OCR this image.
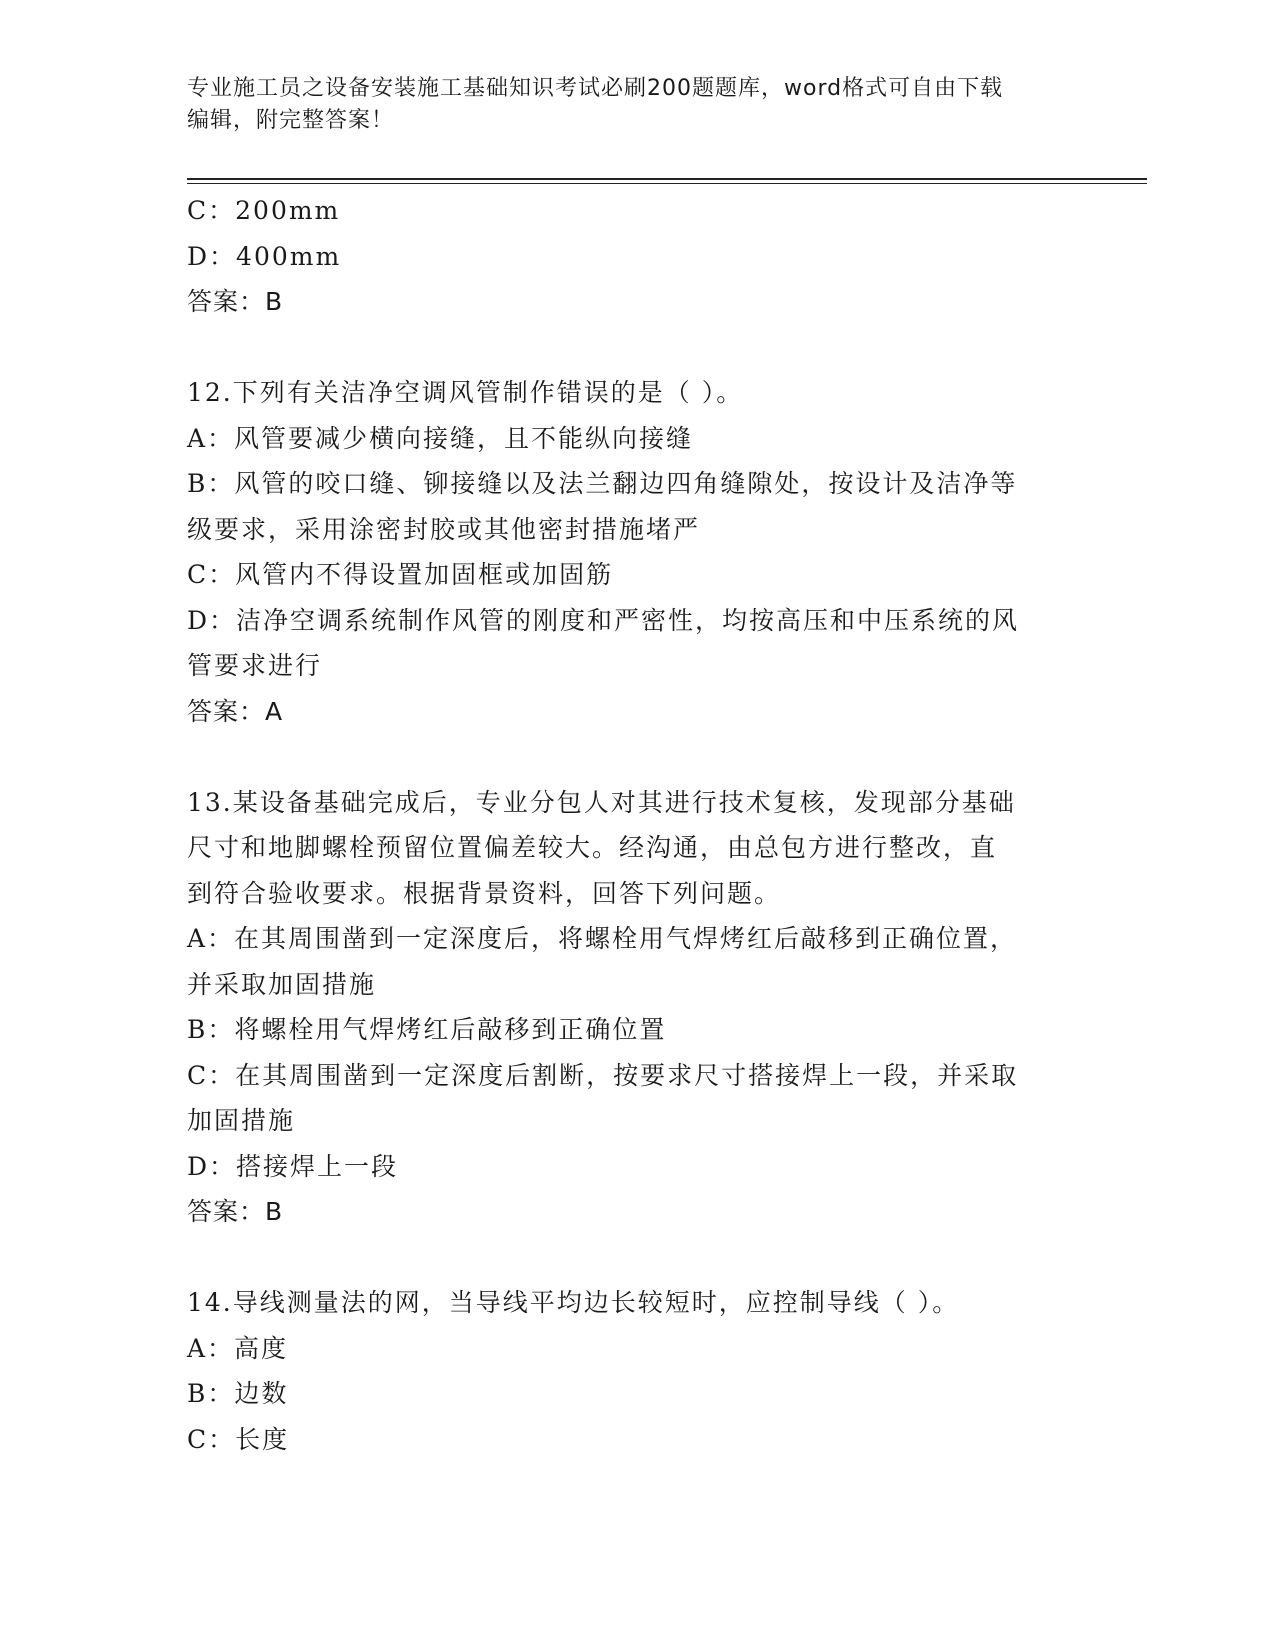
专业施工员之设备安装施工基础知识考试必刷200题题库，word格式可自由下载
编辑，附完整答案！
C：200mm
D：400mm
答案：B
12.下列有关洁净空调风管制作错误的是（ ）。
A：风管要减少横向接缝，且不能纵向接缝
B：风管的咬口缝、铆接缝以及法兰翻边四角缝隙处，按设计及洁净等
级要求，采用涂密封胶或其他密封措施堵严
C：风管内不得设置加固框或加固筋
D：洁净空调系统制作风管的刚度和严密性，均按高压和中压系统的风
管要求进行
答案：A
13.某设备基础完成后，专业分包人对其进行技术复核，发现部分基础
尺寸和地脚螺栓预留位置偏差较大。经沟通，由总包方进行整改，直
到符合验收要求。根据背景资料，回答下列问题。
A：在其周围凿到一定深度后，将螺栓用气焊烤红后敲移到正确位置，
并采取加固措施
B：将螺栓用气焊烤红后敲移到正确位置
C：在其周围凿到一定深度后割断，按要求尺寸搭接焊上一段，并采取
加固措施
D：搭接焊上一段
答案：B
14.导线测量法的网，当导线平均边长较短时，应控制导线（ ）。
A：高度
B：边数
C：长度
